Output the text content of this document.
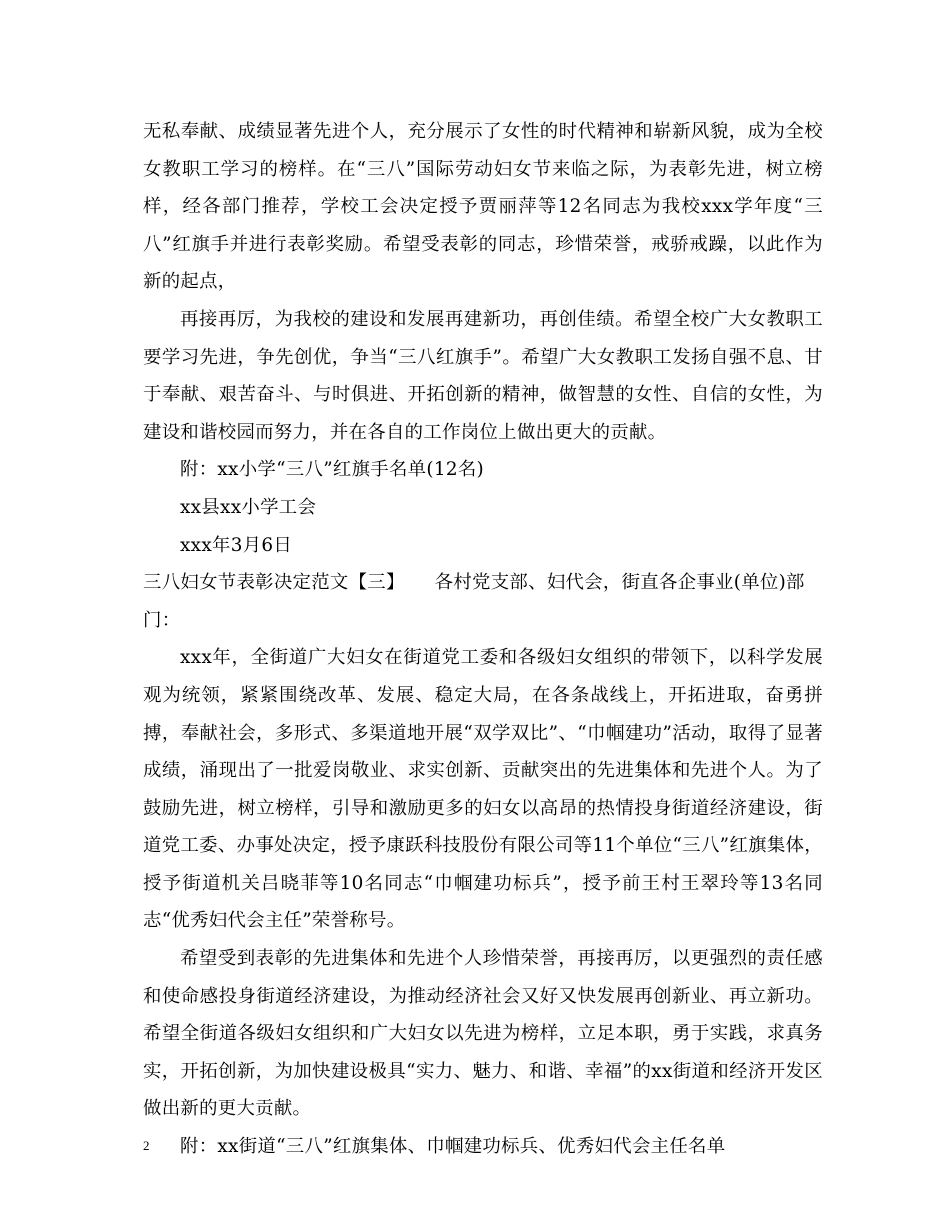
无私奉献、成绩显著先进个人，充分展示了女性的时代精神和崭新风貌，成为全校女教职工学习的榜样。在“三八”国际劳动妇女节来临之际，为表彰先进，树立榜样，经各部门推荐，学校工会决定授予贾丽萍等12名同志为我校xxx学年度“三八”红旗手并进行表彰奖励。希望受表彰的同志，珍惜荣誉，戒骄戒躁，以此作为新的起点，

再接再厉，为我校的建设和发展再建新功，再创佳绩。希望全校广大女教职工要学习先进，争先创优，争当“三八红旗手”。希望广大女教职工发扬自强不息、甘于奉献、艰苦奋斗、与时俱进、开拓创新的精神，做智慧的女性、自信的女性，为建设和谐校园而努力，并在各自的工作岗位上做出更大的贡献。

附：xx小学“三八”红旗手名单(12名)

xx县xx小学工会

xxx年3月6日

三八妇女节表彰决定范文【三】 各村党支部、妇代会，街直各企事业(单位)部门：

xxx年，全街道广大妇女在街道党工委和各级妇女组织的带领下，以科学发展观为统领，紧紧围绕改革、发展、稳定大局，在各条战线上，开拓进取，奋勇拼搏，奉献社会，多形式、多渠道地开展“双学双比”、“巾帼建功”活动，取得了显著成绩，涌现出了一批爱岗敬业、求实创新、贡献突出的先进集体和先进个人。为了鼓励先进，树立榜样，引导和激励更多的妇女以高昂的热情投身街道经济建设，街道党工委、办事处决定，授予康跃科技股份有限公司等11个单位“三八”红旗集体，授予街道机关吕晓菲等10名同志“巾帼建功标兵”，授予前王村王翠玲等13名同志“优秀妇代会主任”荣誉称号。

希望受到表彰的先进集体和先进个人珍惜荣誉，再接再厉，以更强烈的责任感和使命感投身街道经济建设，为推动经济社会又好又快发展再创新业、再立新功。希望全街道各级妇女组织和广大妇女以先进为榜样，立足本职，勇于实践，求真务实，开拓创新，为加快建设极具“实力、魅力、和谐、幸福”的xx街道和经济开发区做出新的更大贡献。

附：xx街道“三八”红旗集体、巾帼建功标兵、优秀妇代会主任名单

2
